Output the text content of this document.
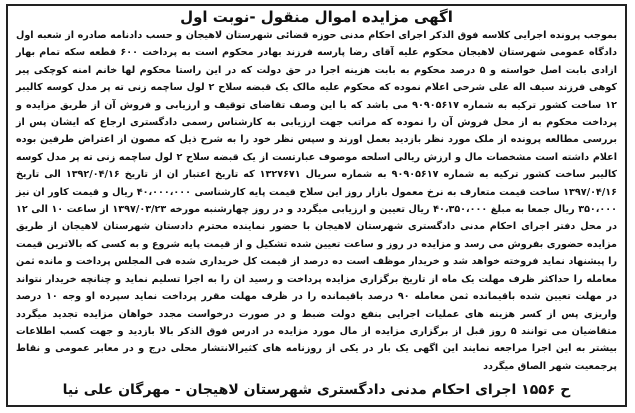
اگهی مزایده اموال منقول -نوبت اول

بموجب پرونده اجرایی کلاسه فوق الذکر اجرای احکام مدنی حوزه قضائی شهرستان لاهیجان و حسب دادنامه صادره از شعبه اول دادگاه عمومی شهرستان لاهیجان محکوم علیه آقای رضا پارسه فرزند بهادر محکوم است به پرداخت ۶۰۰ قطعه سکه تمام بهار ازادی بابت اصل خواسته و ۵ درصد محکوم به بابت هزینه اجرا در حق دولت که در این راستا محکوم لها خانم امنه کوچکی پیر کوهی فرزند سیف اله علی شرحی اعلام نموده که محکوم علیه مالک یک قبضه سلاح ۲ لول ساچمه زنی ته پر مدل کوسه کالیبر ۱۲ ساخت کشور ترکیه به شماره ۹۰۹۰۵۶۱۷ می باشد که با این وصف تقاضای توقیف و ارزیابی و فروش آن از طریق مزایده و پرداخت محکوم به از محل فروش آن را نموده که مراتب جهت ارزیابی به کارشناس رسمی دادگستری ارجاع که ایشان پس از بررسی مطالعه پرونده از ملک مورد نظر بازدید بعمل اورند و سپس نظر خود را به شرح ذیل که مصون از اعتراض طرفین بوده اعلام داشته است مشخصات مال و ارزش ریالی اسلحه موصوف عبارتست از یک قبضه سلاح ۲ لول ساچمه زنی ته پر مدل کوسه کالیبر ساخت کشور ترکیه به شماره ۹۰۹۰۵۶۱۷ به شماره سریال ۱۳۲۷۶۷۱ که تاریخ اعتبار ان از تاریخ ۱۳۹۲/۰۴/۱۶ الی تاریخ ۱۳۹۷/۰۴/۱۶ ساخت قیمت متعارف به نرخ معمول بازار روز این سلاح قیمت پایه کارشناسی ۴۰،۰۰۰،۰۰۰ ریال و قیمت کاور ان نیز ۳۵۰،۰۰۰ ریال جمعا به مبلغ ۴۰،۳۵۰،۰۰۰ ریال تعیین و ارزیابی میگردد و در روز چهارشنبه مورخه ۱۳۹۷/۰۳/۲۳ از ساعت ۱۰ الی ۱۲ در محل دفتر اجرای احکام مدنی دادگستری شهرستان لاهیجان با حضور نماینده محترم دادستان شهرستان لاهیجان از طریق مزایده حضوری بفروش می رسد و مزایده در روز و ساعت تعیین شده تشکیل و از قیمت پایه شروع و به کسی که بالاترین قیمت را پیشنهاد نماید فروخته خواهد شد و خریدار موظف است ده درصد از قیمت کل خریداری شده فی المجلس پرداخت و مانده ثمن معامله را حداکثر ظرف مهلت یک ماه از تاریخ برگزاری مزایده پرداخت و رسید ان را به اجرا تسلیم نماید و چنانچه خریدار نتواند در مهلت تعیین شده باقیمانده ثمن معامله ۹۰ درصد باقیمانده را در ظرف مهلت مقرر پرداخت نماید سپرده او وجه ۱۰ درصد واریزی پس از کسر هزینه های عملیات اجرایی بنفع دولت ضبط و در صورت درخواست مجدد خواهان مزایده تجدید میگردد متقاضیان می توانند ۵ روز قبل از برگزاری مزایده از مال مورد مزایده در ادرس فوق الذکر بالا بازدید و جهت کسب اطلاعات بیشتر به این اجرا مراجعه نمایند این اگهی یک بار در یکی از روزنامه های کثیرالانتشار محلی درج و در معابر عمومی و نقاط پرجمعیت شهر الصاق میگردد

ح ۱۵۵۶ اجرای احکام مدنی دادگستری شهرستان لاهیجان - مهرگان علی نیا
